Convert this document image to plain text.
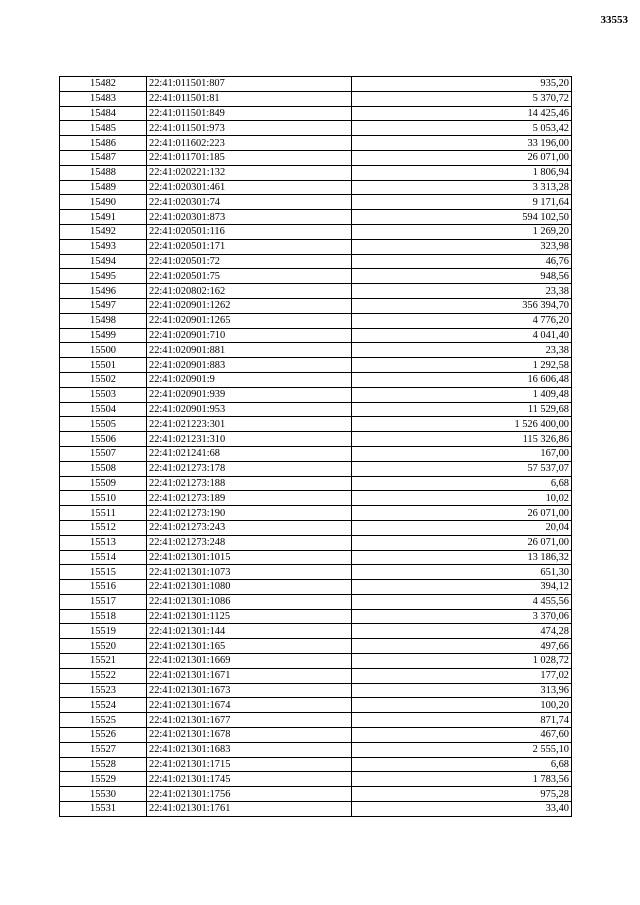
33553
15482	22:41:011501:807	935,20
15483	22:41:011501:81	5 370,72
15484	22:41:011501:849	14 425,46
15485	22:41:011501:973	5 053,42
15486	22:41:011602:223	33 196,00
15487	22:41:011701:185	26 071,00
15488	22:41:020221:132	1 806,94
15489	22:41:020301:461	3 313,28
15490	22:41:020301:74	9 171,64
15491	22:41:020301:873	594 102,50
15492	22:41:020501:116	1 269,20
15493	22:41:020501:171	323,98
15494	22:41:020501:72	46,76
15495	22:41:020501:75	948,56
15496	22:41:020802:162	23,38
15497	22:41:020901:1262	356 394,70
15498	22:41:020901:1265	4 776,20
15499	22:41:020901:710	4 041,40
15500	22:41:020901:881	23,38
15501	22:41:020901:883	1 292,58
15502	22:41:020901:9	16 606,48
15503	22:41:020901:939	1 409,48
15504	22:41:020901:953	11 529,68
15505	22:41:021223:301	1 526 400,00
15506	22:41:021231:310	115 326,86
15507	22:41:021241:68	167,00
15508	22:41:021273:178	57 537,07
15509	22:41:021273:188	6,68
15510	22:41:021273:189	10,02
15511	22:41:021273:190	26 071,00
15512	22:41:021273:243	20,04
15513	22:41:021273:248	26 071,00
15514	22:41:021301:1015	13 186,32
15515	22:41:021301:1073	651,30
15516	22:41:021301:1080	394,12
15517	22:41:021301:1086	4 455,56
15518	22:41:021301:1125	3 370,06
15519	22:41:021301:144	474,28
15520	22:41:021301:165	497,66
15521	22:41:021301:1669	1 028,72
15522	22:41:021301:1671	177,02
15523	22:41:021301:1673	313,96
15524	22:41:021301:1674	100,20
15525	22:41:021301:1677	871,74
15526	22:41:021301:1678	467,60
15527	22:41:021301:1683	2 555,10
15528	22:41:021301:1715	6,68
15529	22:41:021301:1745	1 783,56
15530	22:41:021301:1756	975,28
15531	22:41:021301:1761	33,40
